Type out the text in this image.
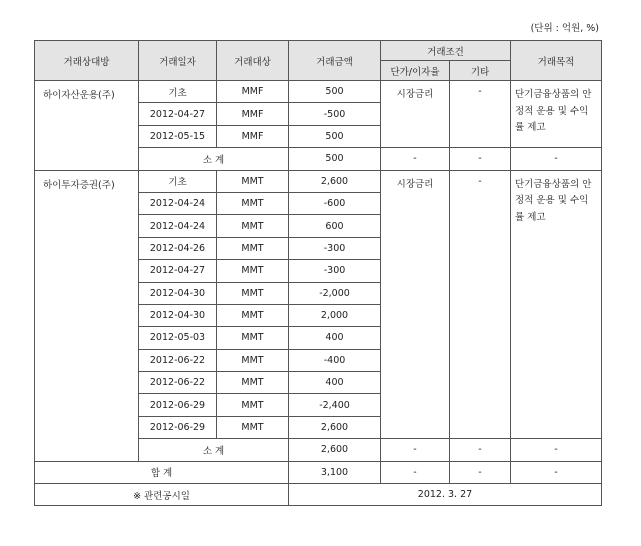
(단위 : 억원, %)
거래상대방	거래일자	거래대상	거래금액	거래조건		거래목적
				단가/이자율	기타	
하이자산운용(주)	기초	MMF	500	시장금리	-	단기금융상품의 안정적 운용 및 수익률 제고
	2012-04-27	MMF	-500			
	2012-05-15	MMF	500			
	소 계		500	-	-	-
하이투자증권(주)	기초	MMT	2,600	시장금리	-	단기금융상품의 안정적 운용 및 수익률 제고
	2012-04-24	MMT	-600			
	2012-04-24	MMT	600			
	2012-04-26	MMT	-300			
	2012-04-27	MMT	-300			
	2012-04-30	MMT	-2,000			
	2012-04-30	MMT	2,000			
	2012-05-03	MMT	400			
	2012-06-22	MMT	-400			
	2012-06-22	MMT	400			
	2012-06-29	MMT	-2,400			
	2012-06-29	MMT	2,600			
	소 계		2,600	-	-	-
합 계			3,100	-	-	-
※ 관련공시일			2012. 3. 27			
